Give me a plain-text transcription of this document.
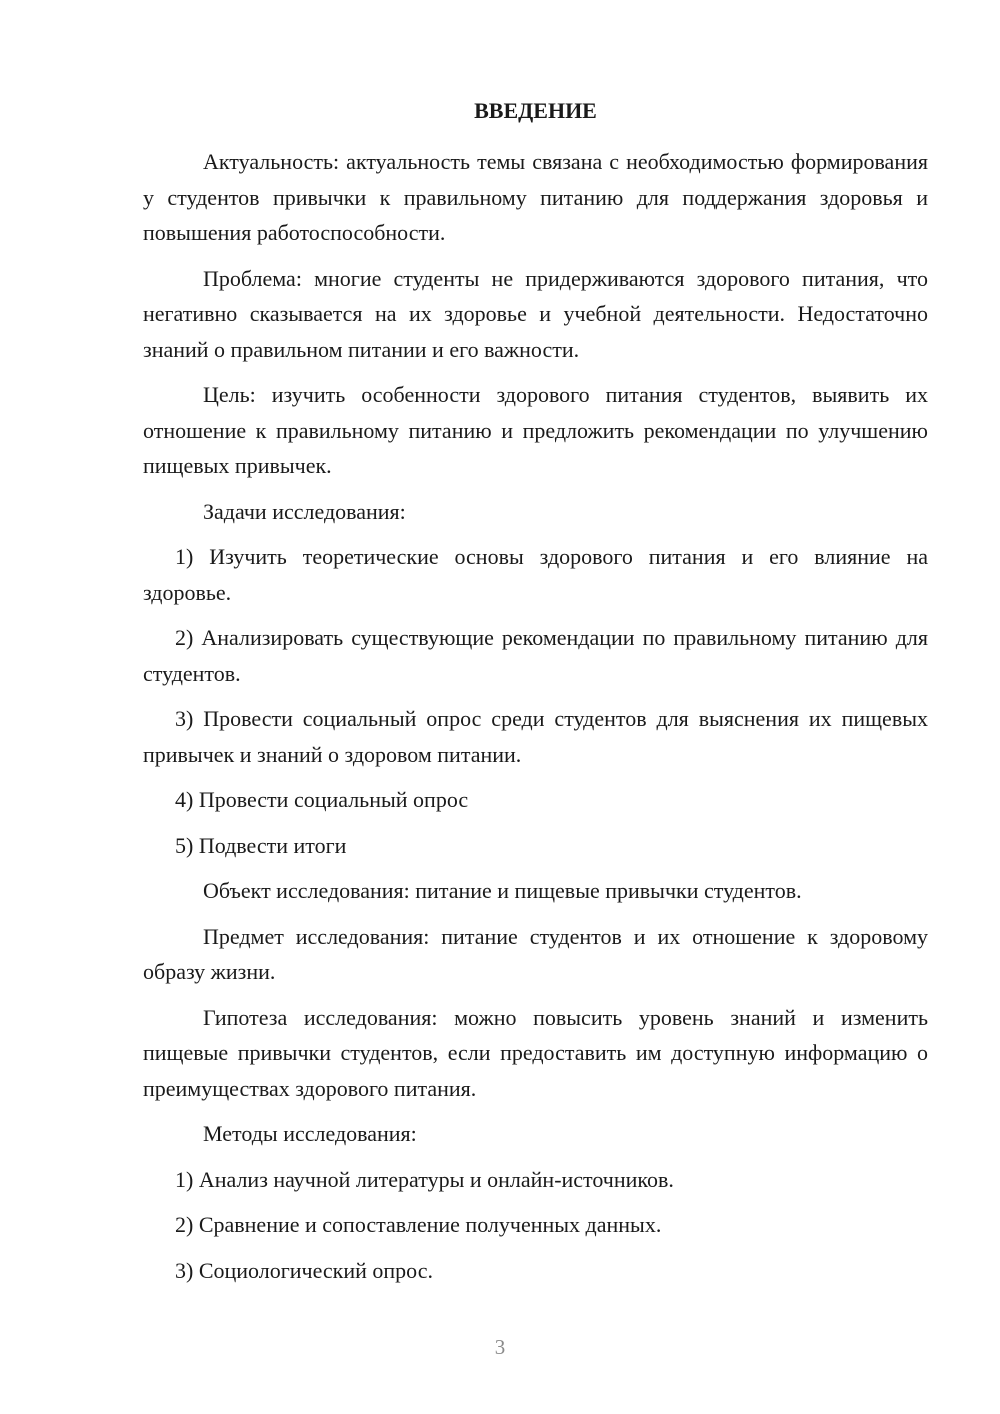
ВВЕДЕНИЕ

Актуальность: актуальность темы связана с необходимостью формирования у студентов привычки к правильному питанию для поддержания здоровья и повышения работоспособности.

Проблема: многие студенты не придерживаются здорового питания, что негативно сказывается на их здоровье и учебной деятельности. Недостаточно знаний о правильном питании и его важности.

Цель: изучить особенности здорового питания студентов, выявить их отношение к правильному питанию и предложить рекомендации по улучшению пищевых привычек.

Задачи исследования:

1) Изучить теоретические основы здорового питания и его влияние на здоровье.

2) Анализировать существующие рекомендации по правильному питанию для студентов.

3) Провести социальный опрос среди студентов для выяснения их пищевых привычек и знаний о здоровом питании.

4) Провести социальный опрос

5) Подвести итоги

Объект исследования: питание и пищевые привычки студентов.

Предмет исследования: питание студентов и их отношение к здоровому образу жизни.

Гипотеза исследования: можно повысить уровень знаний и изменить пищевые привычки студентов, если предоставить им доступную информацию о преимуществах здорового питания.

Методы исследования:

1) Анализ научной литературы и онлайн-источников.

2) Сравнение и сопоставление полученных данных.

3) Социологический опрос.

3
